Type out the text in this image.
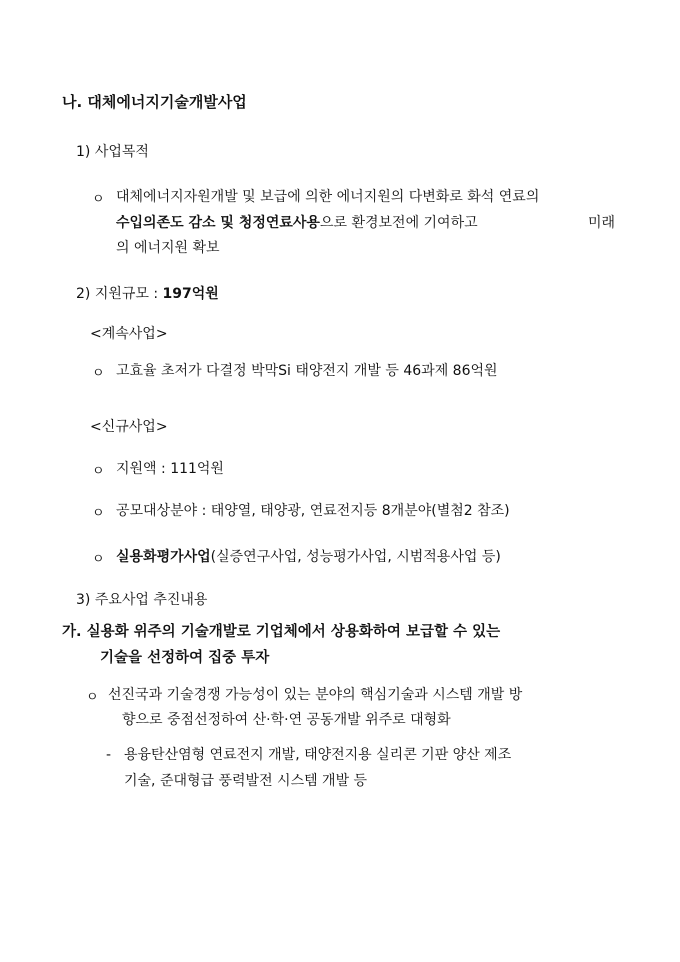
나. 대체에너지기술개발사업
1) 사업목적
ㅇ 대체에너지자원개발 및 보급에 의한 에너지원의 다변화로 화석 연료의
수입의존도 감소 및 청정연료사용으로 환경보전에 기여하고	미래
의 에너지원 확보
2) 지원규모 : 197억원
<계속사업>
ㅇ 고효율 초저가 다결정 박막Si 태양전지 개발 등 46과제 86억원
<신규사업>
ㅇ 지원액 : 111억원
ㅇ 공모대상분야 : 태양열, 태양광, 연료전지등 8개분야(별첨2 참조)
ㅇ 실용화평가사업(실증연구사업, 성능평가사업, 시범적용사업 등)
3) 주요사업 추진내용
가. 실용화 위주의 기술개발로 기업체에서 상용화하여 보급할 수 있는
기술을 선정하여 집중 투자
ㅇ 선진국과 기술경쟁 가능성이 있는 분야의 핵심기술과 시스템 개발 방
향으로 중점선정하여 산·학·연 공동개발 위주로 대형화
- 용융탄산염형 연료전지 개발, 태양전지용 실리콘 기판 양산 제조
기술, 준대형급 풍력발전 시스템 개발 등
